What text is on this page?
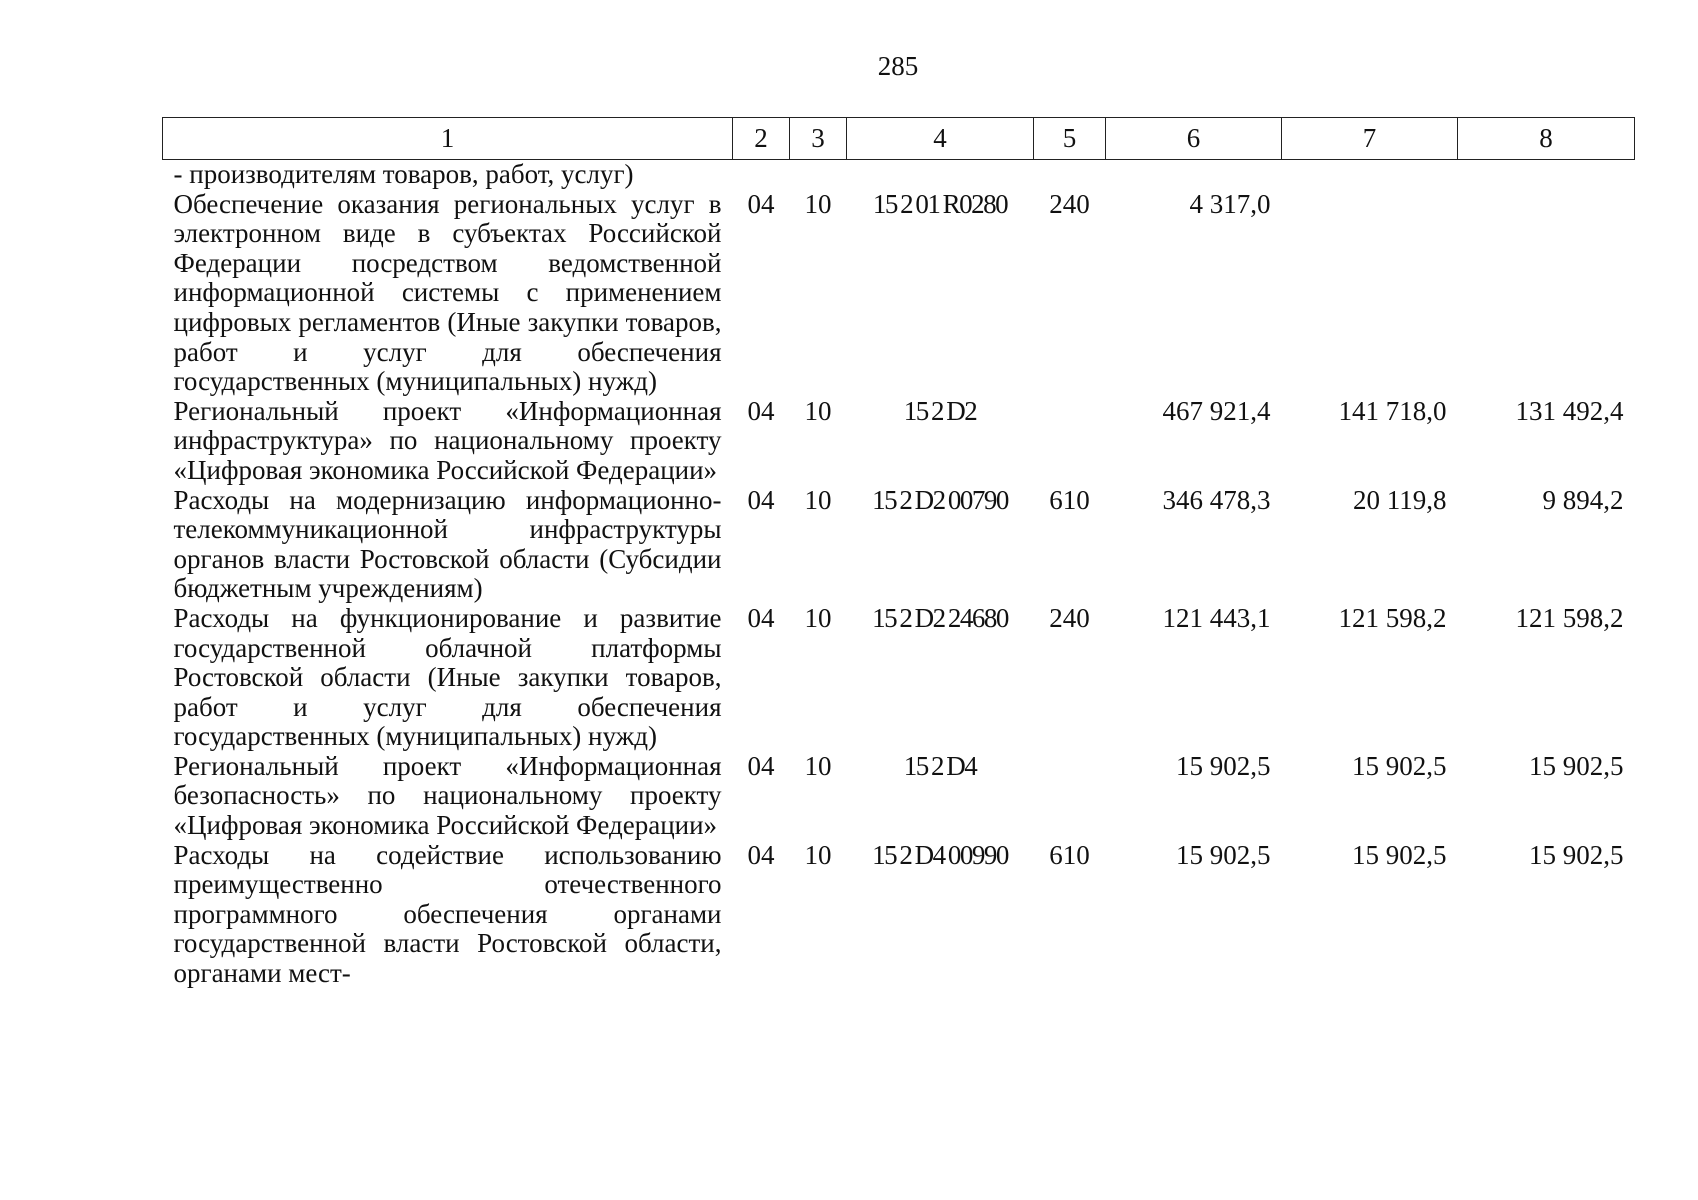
285
1	2	3	4	5	6	7	8
- производителям товаров, работ, услуг)							
Обеспечение оказания региональных услуг в электронном виде в субъектах Российской Федерации посредством ведомственной информационной системы с применением цифровых регламентов (Иные закупки товаров, работ и услуг для обеспечения государственных (муниципальных) нужд)	04	10	15 2 01 R0280	240	4 317,0		
Региональный проект «Информационная инфраструктура» по национальному проекту «Цифровая экономика Российской Федерации»	04	10	15 2 D2		467 921,4	141 718,0	131 492,4
Расходы на модернизацию информационно-телекоммуникационной инфраструктуры органов власти Ростовской области (Субсидии бюджетным учреждениям)	04	10	15 2 D2 00790	610	346 478,3	20 119,8	9 894,2
Расходы на функционирование и развитие государственной облачной платформы Ростовской области (Иные закупки товаров, работ и услуг для обеспечения государственных (муниципальных) нужд)	04	10	15 2 D2 24680	240	121 443,1	121 598,2	121 598,2
Региональный проект «Информационная безопасность» по национальному проекту «Цифровая экономика Российской Федерации»	04	10	15 2 D4		15 902,5	15 902,5	15 902,5
Расходы на содействие использованию преимущественно отечественного программного обеспечения органами государственной власти Ростовской области, органами мест-	04	10	15 2 D4 00990	610	15 902,5	15 902,5	15 902,5
